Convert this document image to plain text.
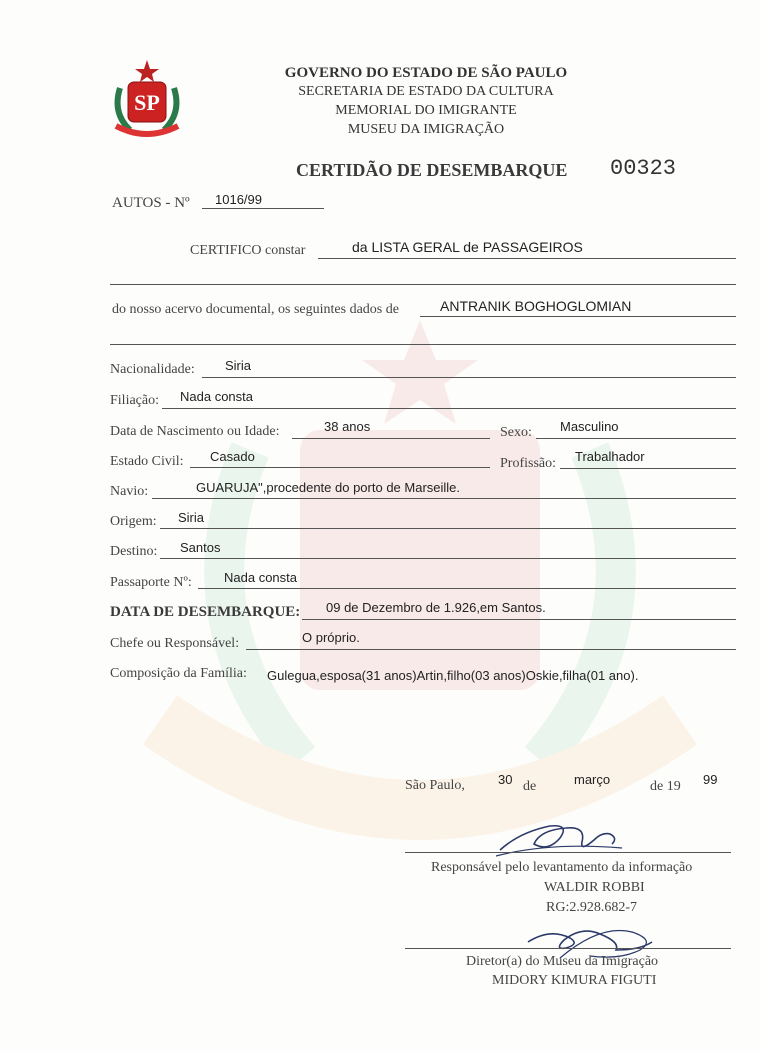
SP
GOVERNO DO ESTADO DE SÃO PAULO
SECRETARIA DE ESTADO DA CULTURA
MEMORIAL DO IMIGRANTE
MUSEU DA IMIGRAÇÃO
CERTIDÃO DE DESEMBARQUE 00323
AUTOS - Nº 1016/99
CERTIFICO constar	da LISTA GERAL de PASSAGEIROS
do nosso acervo documental, os seguintes dados de	ANTRANIK BOGHOGLOMIAN
Nacionalidade: Siria
Filiação: Nada consta
Data de Nascimento ou Idade:	38 anos	Sexo: Masculino
Estado Civil: Casado	Profissão: Trabalhador
Navio:	GUARUJA",procedente do porto de Marseille.
Origem: Siria
Destino: Santos
Passaporte Nº: Nada consta
DATA DE DESEMBARQUE: 09 de Dezembro de 1.926,em Santos.
Chefe ou Responsável:	O próprio.
Composição da Família: Gulegua,esposa(31 anos)Artin,filho(03 anos)Oskie,filha(01 ano).
São Paulo,	30 de	março	de 19 99
Responsável pelo levantamento da informação
WALDIR ROBBI
RG:2.928.682-7
Diretor(a) do Museu da Imigração
MIDORY KIMURA FIGUTI
